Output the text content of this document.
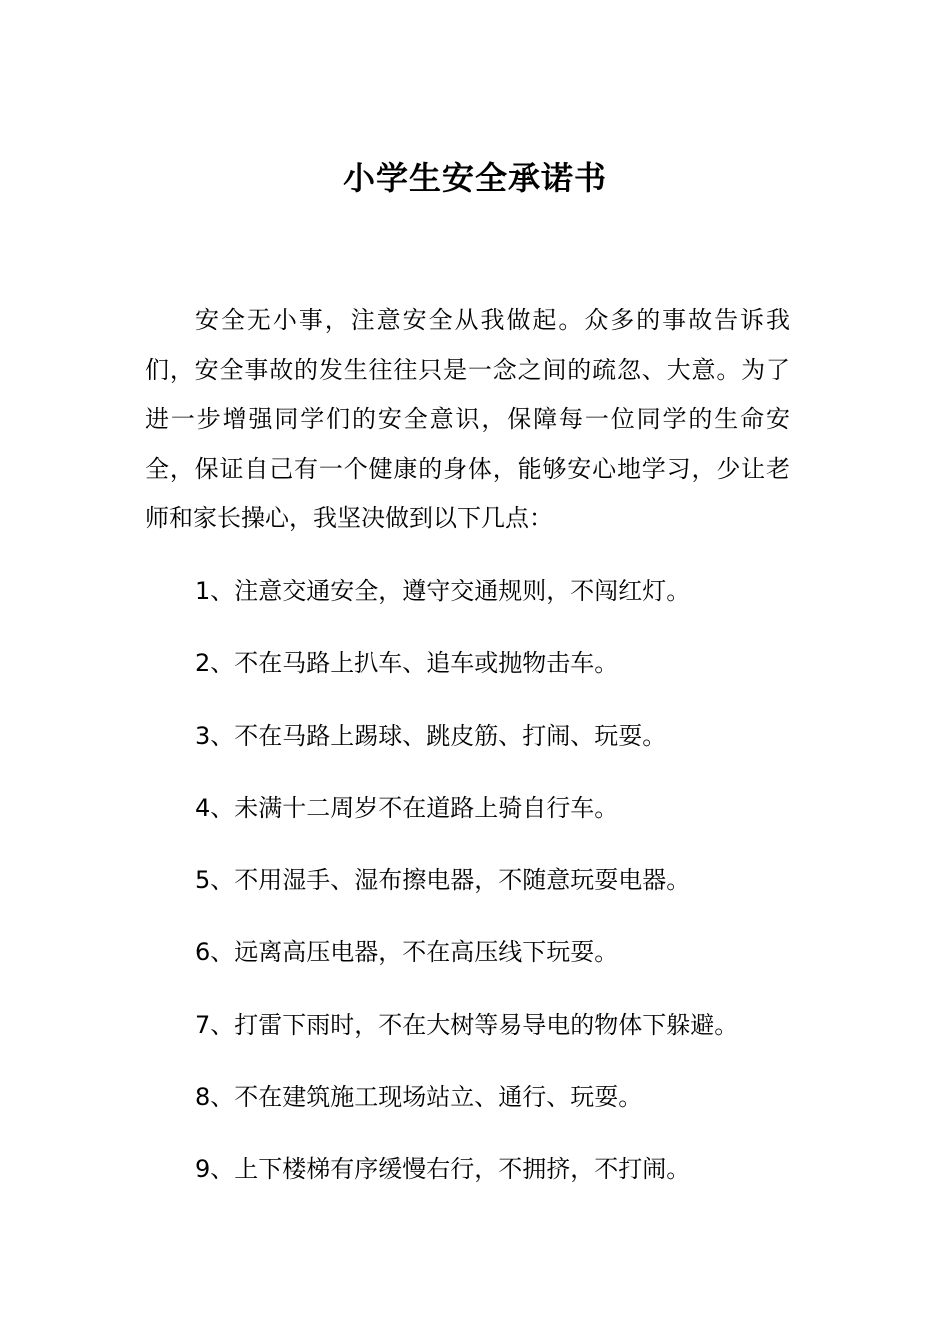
小学生安全承诺书

安全无小事，注意安全从我做起。众多的事故告诉我们，安全事故的发生往往只是一念之间的疏忽、大意。为了进一步增强同学们的安全意识，保障每一位同学的生命安全，保证自己有一个健康的身体，能够安心地学习，少让老师和家长操心，我坚决做到以下几点：

1、注意交通安全，遵守交通规则，不闯红灯。
2、不在马路上扒车、追车或抛物击车。
3、不在马路上踢球、跳皮筋、打闹、玩耍。
4、未满十二周岁不在道路上骑自行车。
5、不用湿手、湿布擦电器，不随意玩耍电器。
6、远离高压电器，不在高压线下玩耍。
7、打雷下雨时，不在大树等易导电的物体下躲避。
8、不在建筑施工现场站立、通行、玩耍。
9、上下楼梯有序缓慢右行，不拥挤，不打闹。
